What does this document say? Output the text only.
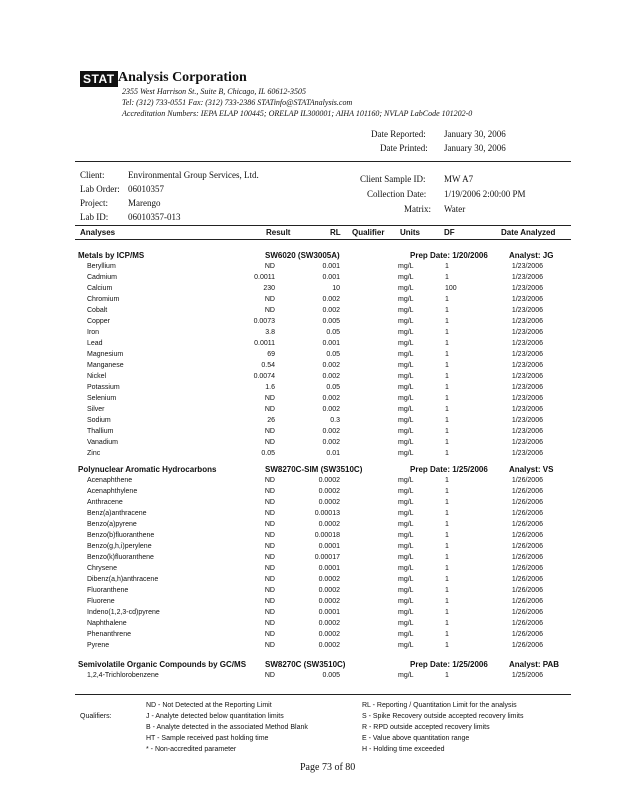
STAT Analysis Corporation
2355 West Harrison St., Suite B, Chicago, IL 60612-3505
Tel: (312) 733-0551 Fax: (312) 733-2386 STATinfo@STATAnalysis.com
Accreditation Numbers: IEPA ELAP 100445; ORELAP IL300001; AIHA 101160; NVLAP LabCode 101202-0
Date Reported: January 30, 2006
Date Printed: January 30, 2006
Client:	Environmental Group Services, Ltd.
Lab Order: 06010357
Project: Marengo
Lab ID: 06010357-013
Client Sample ID: MW A7
Collection Date: 1/19/2006 2:00:00 PM
Matrix: Water
Analyses	Result	RL Qualifier Units	DF	Date Analyzed
Metals by ICP/MS	SW6020 (SW3005A)	Prep Date: 1/20/2006	Analyst: JG
Beryllium	ND	0.001	mg/L	1	1/23/2006
Cadmium	0.0011	0.001	mg/L	1	1/23/2006
Calcium	230	10	mg/L	100	1/23/2006
Chromium	ND	0.002	mg/L	1	1/23/2006
Cobalt	ND	0.002	mg/L	1	1/23/2006
Copper	0.0073	0.005	mg/L	1	1/23/2006
Iron	3.8	0.05	mg/L	1	1/23/2006
Lead	0.0011	0.001	mg/L	1	1/23/2006
Magnesium	69	0.05	mg/L	1	1/23/2006
Manganese	0.54	0.002	mg/L	1	1/23/2006
Nickel	0.0074	0.002	mg/L	1	1/23/2006
Potassium	1.6	0.05	mg/L	1	1/23/2006
Selenium	ND	0.002	mg/L	1	1/23/2006
Silver	ND	0.002	mg/L	1	1/23/2006
Sodium	26	0.3	mg/L	1	1/23/2006
Thallium	ND	0.002	mg/L	1	1/23/2006
Vanadium	ND	0.002	mg/L	1	1/23/2006
Zinc	0.05	0.01	mg/L	1	1/23/2006
Polynuclear Aromatic Hydrocarbons	SW8270C-SIM (SW3510C)	Prep Date: 1/25/2006	Analyst: VS
Acenaphthene	ND	0.0002	mg/L	1	1/26/2006
Acenaphthylene	ND	0.0002	mg/L	1	1/26/2006
Anthracene	ND	0.0002	mg/L	1	1/26/2006
Benz(a)anthracene	ND	0.00013	mg/L	1	1/26/2006
Benzo(a)pyrene	ND	0.0002	mg/L	1	1/26/2006
Benzo(b)fluoranthene	ND	0.00018	mg/L	1	1/26/2006
Benzo(g,h,i)perylene	ND	0.0001	mg/L	1	1/26/2006
Benzo(k)fluoranthene	ND	0.00017	mg/L	1	1/26/2006
Chrysene	ND	0.0001	mg/L	1	1/26/2006
Dibenz(a,h)anthracene	ND	0.0002	mg/L	1	1/26/2006
Fluoranthene	ND	0.0002	mg/L	1	1/26/2006
Fluorene	ND	0.0002	mg/L	1	1/26/2006
Indeno(1,2,3-cd)pyrene	ND	0.0001	mg/L	1	1/26/2006
Naphthalene	ND	0.0002	mg/L	1	1/26/2006
Phenanthrene	ND	0.0002	mg/L	1	1/26/2006
Pyrene	ND	0.0002	mg/L	1	1/26/2006
Semivolatile Organic Compounds by GC/MS SW8270C (SW3510C)	Prep Date: 1/25/2006	Analyst: PAB
1,2,4-Trichlorobenzene	ND	0.005	mg/L	1	1/25/2006
Qualifiers:
ND - Not Detected at the Reporting Limit
J - Analyte detected below quantitation limits
B - Analyte detected in the associated Method Blank
HT - Sample received past holding time
* - Non-accredited parameter
RL - Reporting / Quantitation Limit for the analysis
S - Spike Recovery outside accepted recovery limits
R - RPD outside accepted recovery limits
E - Value above quantitation range
H - Holding time exceeded
Page 73 of 80
